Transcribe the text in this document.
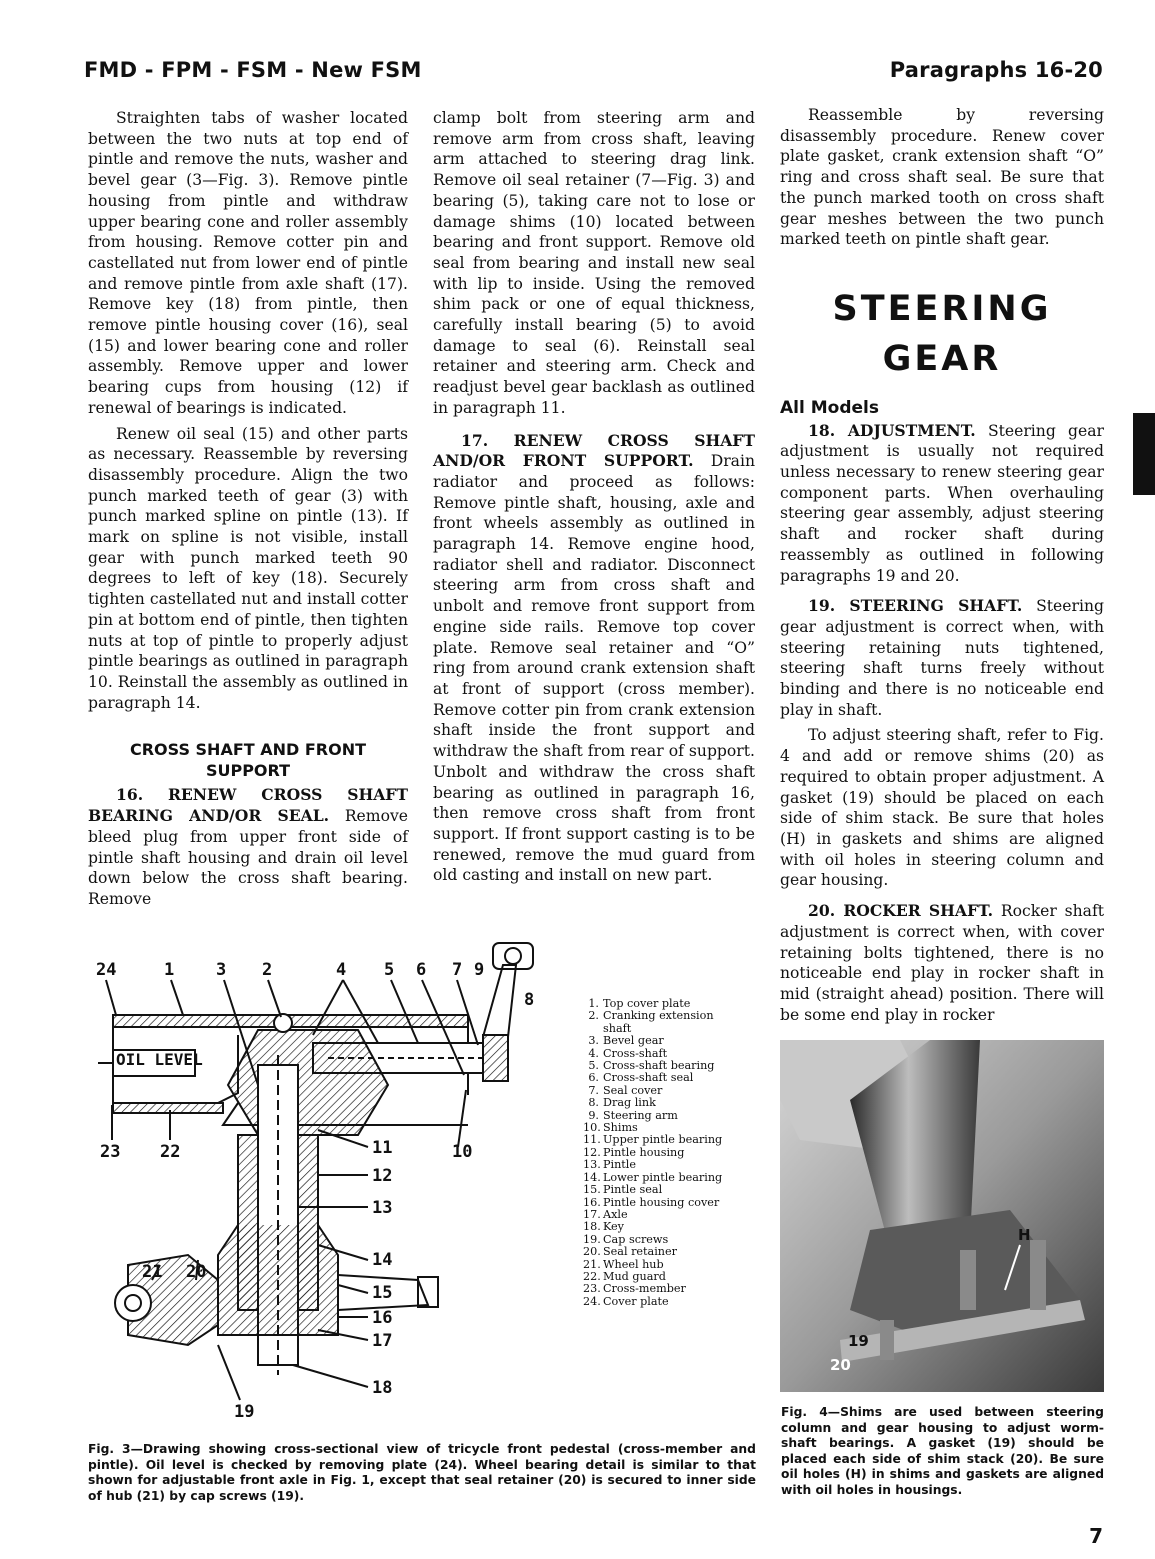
FMD - FPM - FSM - New FSM	Paragraphs 16-20

Straighten tabs of washer located between the two nuts at top end of pintle and remove the nuts, washer and bevel gear (3—Fig. 3). Remove pintle housing from pintle and withdraw upper bearing cone and roller assembly from housing. Remove cotter pin and castellated nut from lower end of pintle and remove pintle from axle shaft (17). Remove key (18) from pintle, then remove pintle housing cover (16), seal (15) and lower bearing cone and roller assembly. Remove upper and lower bearing cups from housing (12) if renewal of bearings is indicated.

Renew oil seal (15) and other parts as necessary. Reassemble by reversing disassembly procedure. Align the two punch marked teeth of gear (3) with punch marked spline on pintle (13). If mark on spline is not visible, install gear with punch marked teeth 90 degrees to left of key (18). Securely tighten castellated nut and install cotter pin at bottom end of pintle, then tighten nuts at top of pintle to properly adjust pintle bearings as outlined in paragraph 10. Reinstall the assembly as outlined in paragraph 14.

CROSS SHAFT AND FRONT SUPPORT

16. RENEW CROSS SHAFT BEARING AND/OR SEAL. Remove bleed plug from upper front side of pintle shaft housing and drain oil level down below the cross shaft bearing. Remove

clamp bolt from steering arm and remove arm from cross shaft, leaving arm attached to steering drag link. Remove oil seal retainer (7—Fig. 3) and bearing (5), taking care not to lose or damage shims (10) located between bearing and front support. Remove old seal from bearing and install new seal with lip to inside. Using the removed shim pack or one of equal thickness, carefully install bearing (5) to avoid damage to seal (6). Reinstall seal retainer and steering arm. Check and readjust bevel gear backlash as outlined in paragraph 11.

17. RENEW CROSS SHAFT AND/OR FRONT SUPPORT. Drain radiator and proceed as follows: Remove pintle shaft, housing, axle and front wheels assembly as outlined in paragraph 14. Remove engine hood, radiator shell and radiator. Disconnect steering arm from cross shaft and unbolt and remove front support from engine side rails. Remove top cover plate. Remove seal retainer and “O” ring from around crank extension shaft at front of support (cross member). Remove cotter pin from crank extension shaft inside the front support and withdraw the shaft from rear of support. Unbolt and withdraw the cross shaft bearing as outlined in paragraph 16, then remove cross shaft from front support. If front support casting is to be renewed, remove the mud guard from old casting and install on new part.

Reassemble by reversing disassembly procedure. Renew cover plate gasket, crank extension shaft “O” ring and cross shaft seal. Be sure that the punch marked tooth on cross shaft gear meshes between the two punch marked teeth on pintle shaft gear.

STEERING
GEAR
All Models

18. ADJUSTMENT. Steering gear adjustment is usually not required unless necessary to renew steering gear component parts. When overhauling steering gear assembly, adjust steering shaft and rocker shaft during reassembly as outlined in following paragraphs 19 and 20.

19. STEERING SHAFT. Steering gear adjustment is correct when, with steering retaining nuts tightened, steering shaft turns freely without binding and there is no noticeable end play in shaft.

To adjust steering shaft, refer to Fig. 4 and add or remove shims (20) as required to obtain proper adjustment. A gasket (19) should be placed on each side of shim stack. Be sure that holes (H) in gaskets and shims are aligned with oil holes in steering column and gear housing.

20. ROCKER SHAFT. Rocker shaft adjustment is correct when, with cover retaining bolts tightened, there is no noticeable end play in rocker shaft in mid (straight ahead) position. There will be some end play in rocker

OIL LEVEL
24	1 3 2	4 5 6 7 9
8
23 22	11	10
12
13
14
21 20
15
16
17
18
19
1. Top cover plate
2. Cranking extension shaft
3. Bevel gear
4. Cross-shaft
5. Cross-shaft bearing
6. Cross-shaft seal
7. Seal cover
8. Drag link
9. Steering arm
10. Shims
11. Upper pintle bearing
12. Pintle housing
13. Pintle
14. Lower pintle bearing
15. Pintle seal
16. Pintle housing cover
17. Axle
18. Key
19. Cap screws
20. Seal retainer
21. Wheel hub
22. Mud guard
23. Cross-member
24. Cover plate
Fig. 3—Drawing showing cross-sectional view of tricycle front pedestal (cross-member and pintle). Oil level is checked by removing plate (24). Wheel bearing detail is similar to that shown for adjustable front axle in Fig. 1, except that seal retainer (20) is secured to inner side of hub (21) by cap screws (19).
H
19
20
Fig. 4—Shims are used between steering column and gear housing to adjust worm-shaft bearings. A gasket (19) should be placed each side of shim stack (20). Be sure oil holes (H) in shims and gaskets are aligned with oil holes in housings.
7
